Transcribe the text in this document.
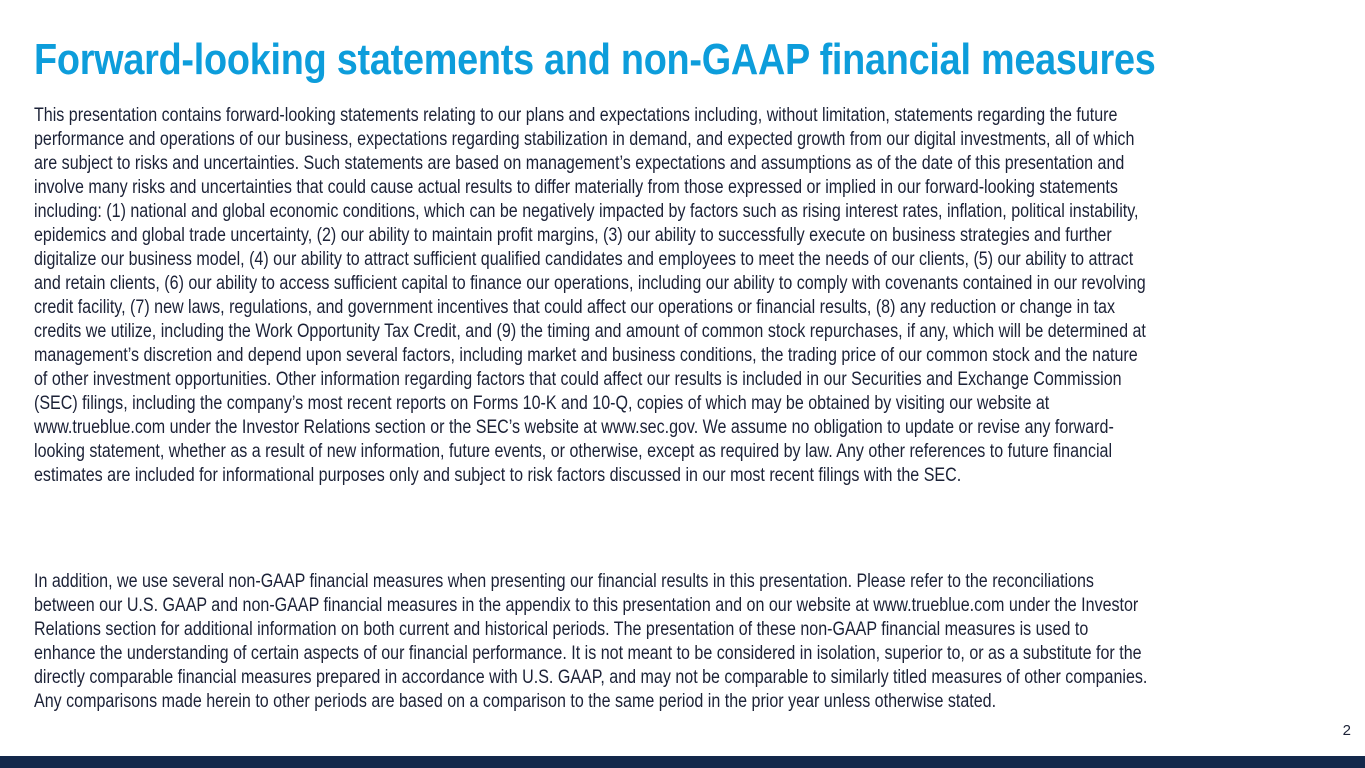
Forward-looking statements and non-GAAP financial measures
This presentation contains forward-looking statements relating to our plans and expectations including, without limitation, statements regarding the future
performance and operations of our business, expectations regarding stabilization in demand, and expected growth from our digital investments, all of which
are subject to risks and uncertainties. Such statements are based on management’s expectations and assumptions as of the date of this presentation and
involve many risks and uncertainties that could cause actual results to differ materially from those expressed or implied in our forward-looking statements
including: (1) national and global economic conditions, which can be negatively impacted by factors such as rising interest rates, inflation, political instability,
epidemics and global trade uncertainty, (2) our ability to maintain profit margins, (3) our ability to successfully execute on business strategies and further
digitalize our business model, (4) our ability to attract sufficient qualified candidates and employees to meet the needs of our clients, (5) our ability to attract
and retain clients, (6) our ability to access sufficient capital to finance our operations, including our ability to comply with covenants contained in our revolving
credit facility, (7) new laws, regulations, and government incentives that could affect our operations or financial results, (8) any reduction or change in tax
credits we utilize, including the Work Opportunity Tax Credit, and (9) the timing and amount of common stock repurchases, if any, which will be determined at
management’s discretion and depend upon several factors, including market and business conditions, the trading price of our common stock and the nature
of other investment opportunities. Other information regarding factors that could affect our results is included in our Securities and Exchange Commission
(SEC) filings, including the company’s most recent reports on Forms 10-K and 10-Q, copies of which may be obtained by visiting our website at
www.trueblue.com under the Investor Relations section or the SEC’s website at www.sec.gov. We assume no obligation to update or revise any forward-
looking statement, whether as a result of new information, future events, or otherwise, except as required by law. Any other references to future financial
estimates are included for informational purposes only and subject to risk factors discussed in our most recent filings with the SEC.
In addition, we use several non-GAAP financial measures when presenting our financial results in this presentation. Please refer to the reconciliations
between our U.S. GAAP and non-GAAP financial measures in the appendix to this presentation and on our website at www.trueblue.com under the Investor
Relations section for additional information on both current and historical periods. The presentation of these non-GAAP financial measures is used to
enhance the understanding of certain aspects of our financial performance. It is not meant to be considered in isolation, superior to, or as a substitute for the
directly comparable financial measures prepared in accordance with U.S. GAAP, and may not be comparable to similarly titled measures of other companies.
Any comparisons made herein to other periods are based on a comparison to the same period in the prior year unless otherwise stated.
2
